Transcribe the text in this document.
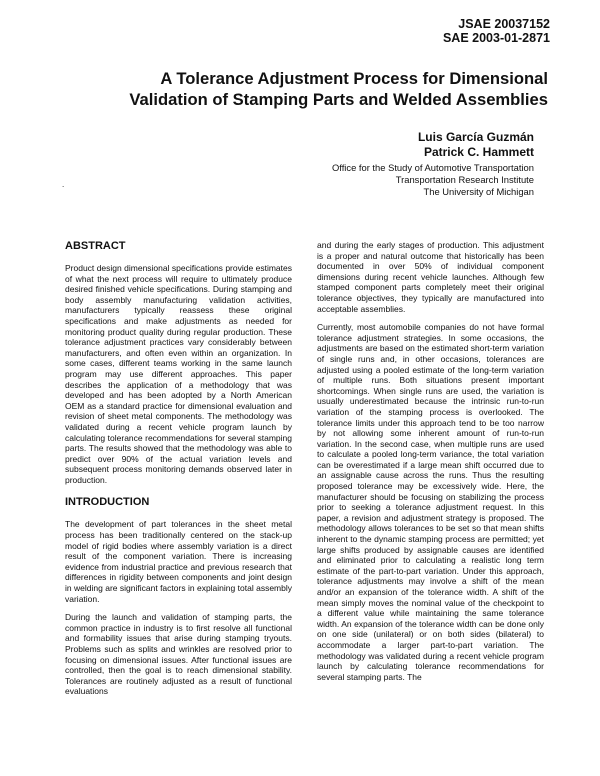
JSAE 20037152
SAE 2003-01-2871
A Tolerance Adjustment Process for Dimensional
Validation of Stamping Parts and Welded Assemblies
Luis García Guzmán
Patrick C. Hammett
Office for the Study of Automotive Transportation
Transportation Research Institute
The University of Michigan
.
ABSTRACT

Product design dimensional specifications provide estimates of what the next process will require to ultimately produce desired finished vehicle specifications. During stamping and body assembly manufacturing validation activities, manufacturers typically reassess these original specifications and make adjustments as needed for monitoring product quality during regular production. These tolerance adjustment practices vary considerably between manufacturers, and often even within an organization. In some cases, different teams working in the same launch program may use different approaches. This paper describes the application of a methodology that was developed and has been adopted by a North American OEM as a standard practice for dimensional evaluation and revision of sheet metal components. The methodology was validated during a recent vehicle program launch by calculating tolerance recommendations for several stamping parts. The results showed that the methodology was able to predict over 90% of the actual variation levels and subsequent process monitoring demands observed later in production.

INTRODUCTION

The development of part tolerances in the sheet metal process has been traditionally centered on the stack-up model of rigid bodies where assembly variation is a direct result of the component variation. There is increasing evidence from industrial practice and previous research that differences in rigidity between components and joint design in welding are significant factors in explaining total assembly variation.

During the launch and validation of stamping parts, the common practice in industry is to first resolve all functional and formability issues that arise during stamping tryouts. Problems such as splits and wrinkles are resolved prior to focusing on dimensional issues. After functional issues are controlled, then the goal is to reach dimensional stability. Tolerances are routinely adjusted as a result of functional evaluations

and during the early stages of production. This adjustment is a proper and natural outcome that historically has been documented in over 50% of individual component dimensions during recent vehicle launches. Although few stamped component parts completely meet their original tolerance objectives, they typically are manufactured into acceptable assemblies.

Currently, most automobile companies do not have formal tolerance adjustment strategies. In some occasions, the adjustments are based on the estimated short-term variation of single runs and, in other occasions, tolerances are adjusted using a pooled estimate of the long-term variation of multiple runs. Both situations present important shortcomings. When single runs are used, the variation is usually underestimated because the intrinsic run-to-run variation of the stamping process is overlooked. The tolerance limits under this approach tend to be too narrow by not allowing some inherent amount of run-to-run variation. In the second case, when multiple runs are used to calculate a pooled long-term variance, the total variation can be overestimated if a large mean shift occurred due to an assignable cause across the runs. Thus the resulting proposed tolerance may be excessively wide. Here, the manufacturer should be focusing on stabilizing the process prior to seeking a tolerance adjustment request. In this paper, a revision and adjustment strategy is proposed. The methodology allows tolerances to be set so that mean shifts inherent to the dynamic stamping process are permitted; yet large shifts produced by assignable causes are identified and eliminated prior to calculating a realistic long term estimate of the part-to-part variation. Under this approach, tolerance adjustments may involve a shift of the mean and/or an expansion of the tolerance width. A shift of the mean simply moves the nominal value of the checkpoint to a different value while maintaining the same tolerance width. An expansion of the tolerance width can be done only on one side (unilateral) or on both sides (bilateral) to accommodate a larger part-to-part variation. The methodology was validated during a recent vehicle program launch by calculating tolerance recommendations for several stamping parts. The
